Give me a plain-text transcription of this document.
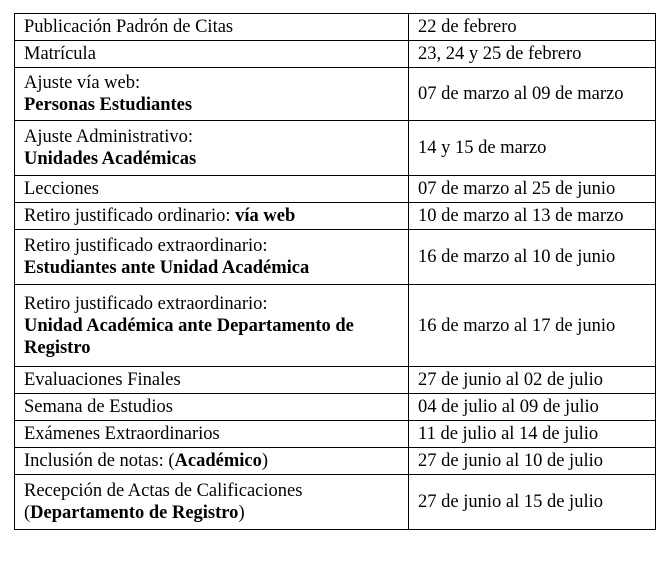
Publicación Padrón de Citas	22 de febrero
Matrícula	23, 24 y 25 de febrero

Ajuste vía web:
Personas Estudiantes	07 de marzo al 09 de marzo

Ajuste Administrativo:
Unidades Académicas	14 y 15 de marzo
Lecciones	07 de marzo al 25 de junio
Retiro justificado ordinario: vía web	10 de marzo al 13 de marzo

Retiro justificado extraordinario:
Estudiantes ante Unidad Académica	16 de marzo al 10 de junio

Retiro justificado extraordinario:
Unidad Académica ante Departamento de Registro	16 de marzo al 17 de junio
Evaluaciones Finales	27 de junio al 02 de julio
Semana de Estudios	04 de julio al 09 de julio
Exámenes Extraordinarios	11 de julio al 14 de julio
Inclusión de notas: (Académico)	27 de junio al 10 de julio

Recepción de Actas de Calificaciones
(Departamento de Registro)	27 de junio al 15 de julio
